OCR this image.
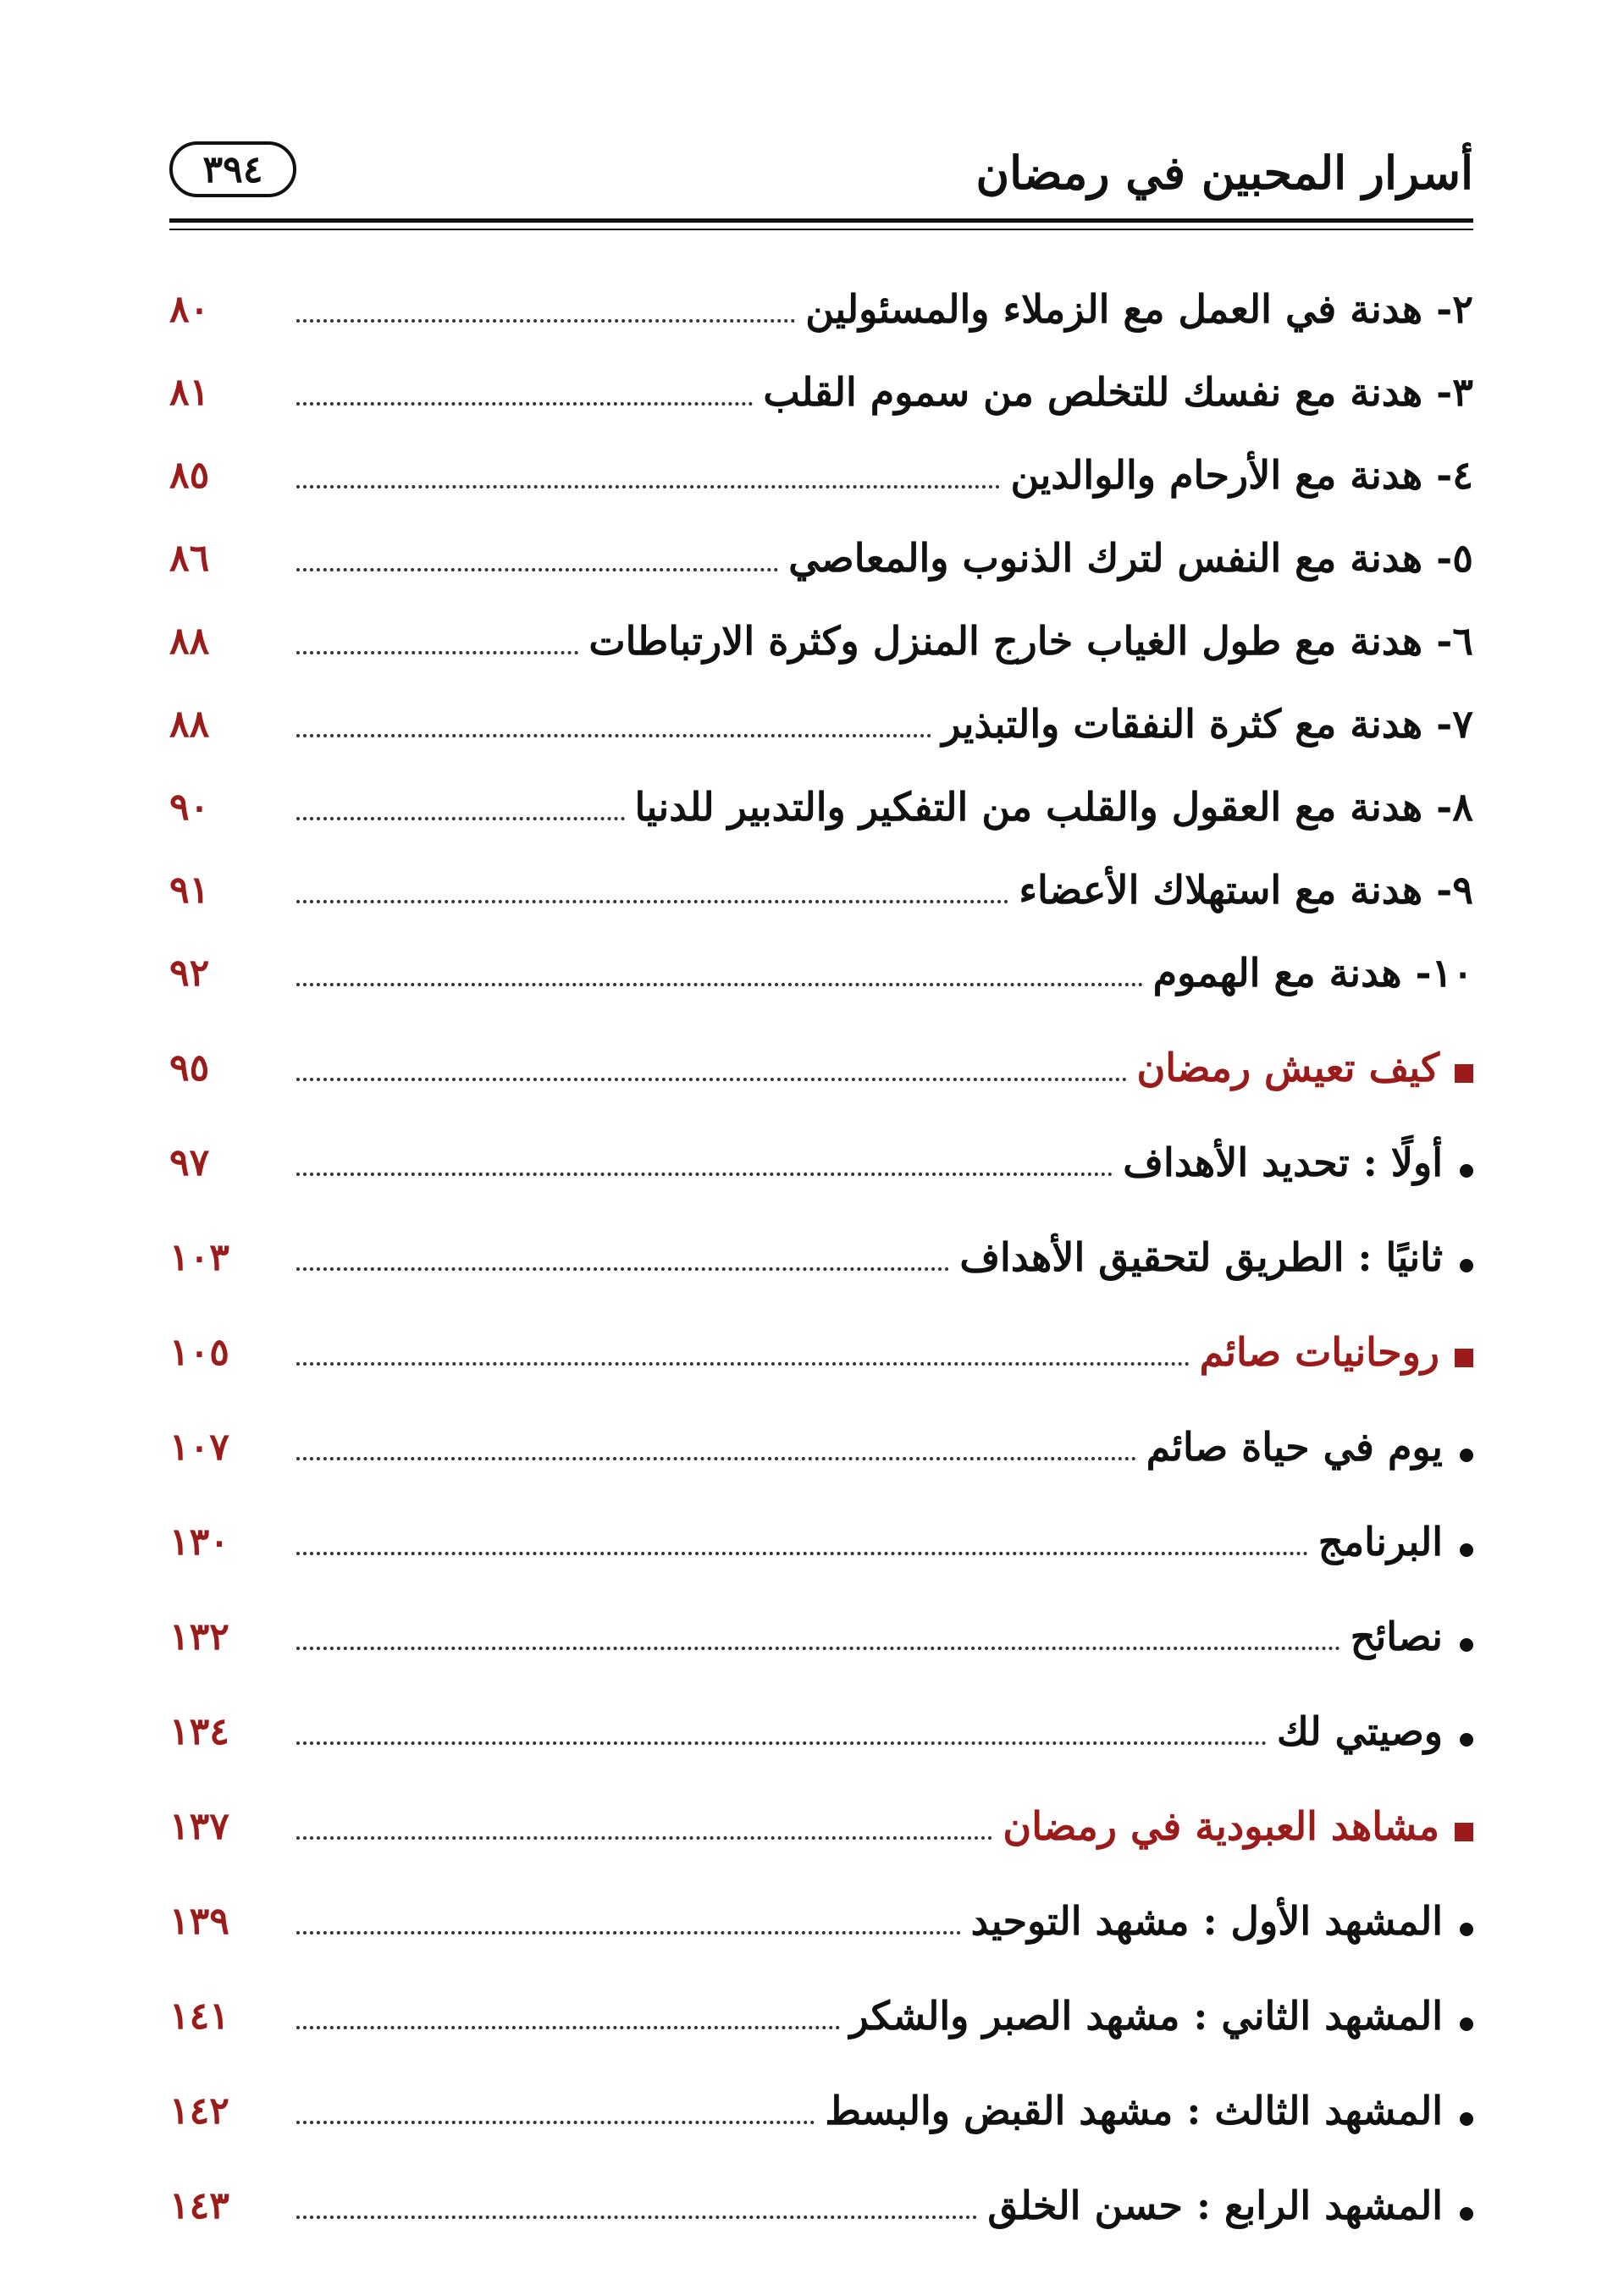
أسرار المحبين في رمضان
٣٩٤
٢- هدنة في العمل مع الزملاء والمسئولين
٨٠
٣- هدنة مع نفسك للتخلص من سموم القلب
٨١
٤- هدنة مع الأرحام والوالدين
٨٥
٥- هدنة مع النفس لترك الذنوب والمعاصي
٨٦
٦- هدنة مع طول الغياب خارج المنزل وكثرة الارتباطات
٨٨
٧- هدنة مع كثرة النفقات والتبذير
٨٨
٨- هدنة مع العقول والقلب من التفكير والتدبير للدنيا
٩٠
٩- هدنة مع استهلاك الأعضاء
٩١
١٠- هدنة مع الهموم
٩٢
كيف تعيش رمضان
٩٥
أولًا : تحديد الأهداف
٩٧
ثانيًا : الطريق لتحقيق الأهداف
١٠٣
روحانيات صائم
١٠٥
يوم في حياة صائم
١٠٧
البرنامج
١٣٠
نصائح
١٣٢
وصيتي لك
١٣٤
مشاهد العبودية في رمضان
١٣٧
المشهد الأول : مشهد التوحيد
١٣٩
المشهد الثاني : مشهد الصبر والشكر
١٤١
المشهد الثالث : مشهد القبض والبسط
١٤٢
المشهد الرابع : حسن الخلق
١٤٣
